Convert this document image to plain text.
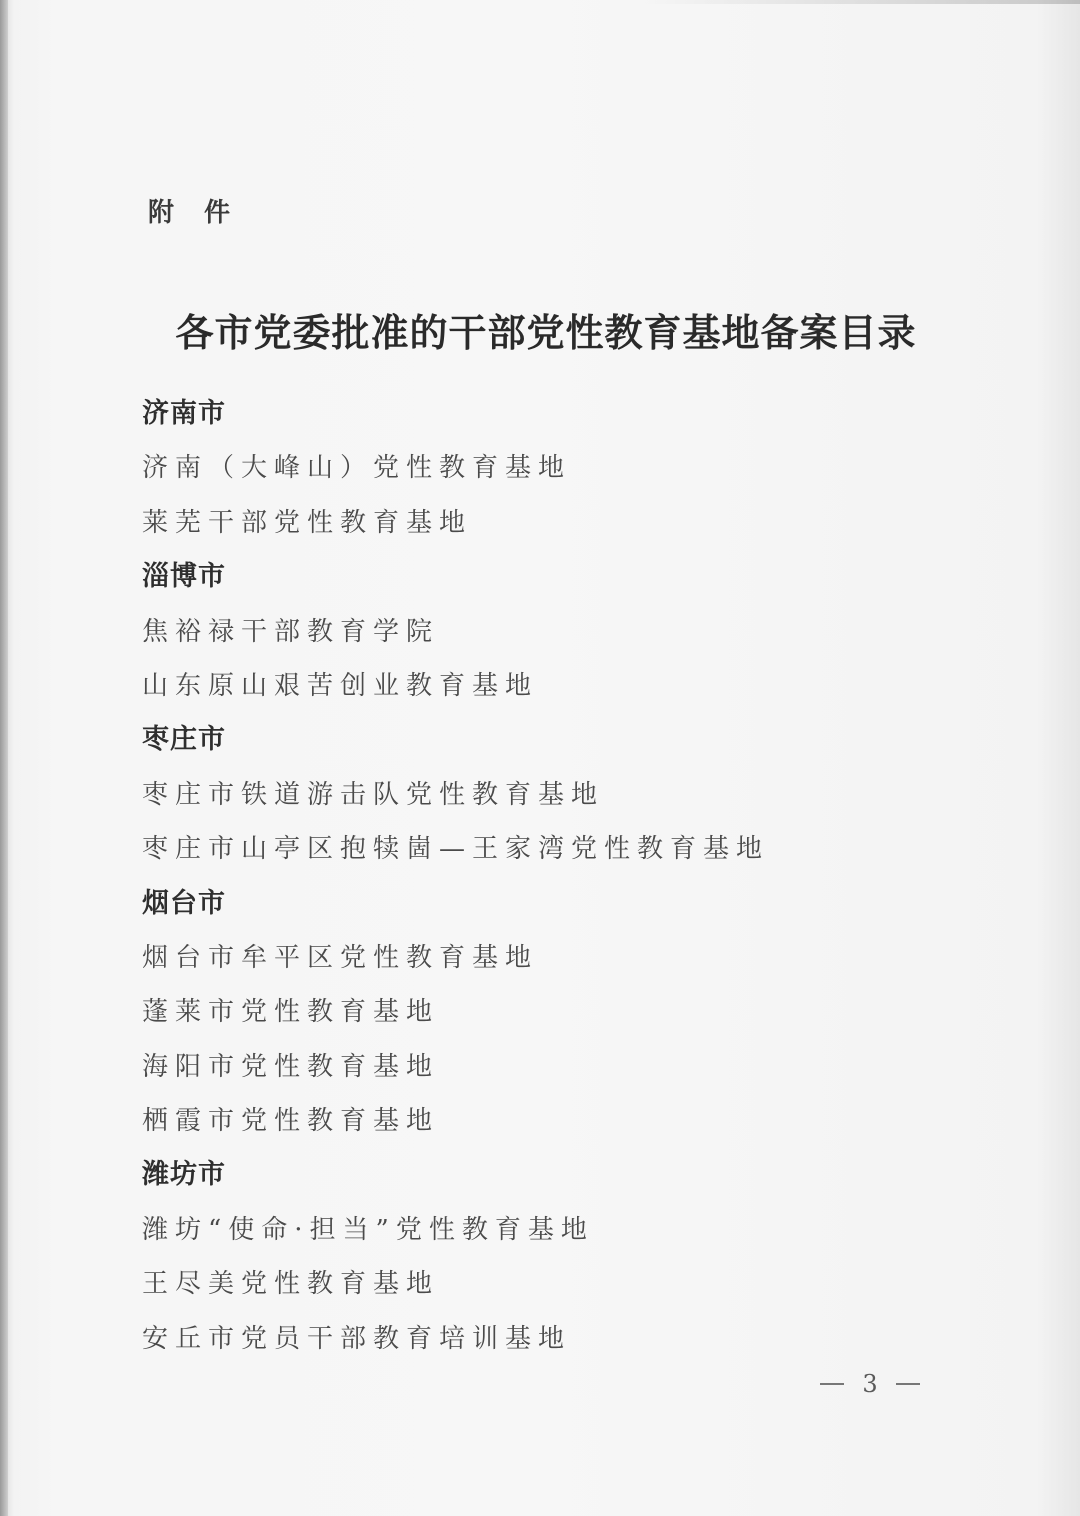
附件
各市党委批准的干部党性教育基地备案目录
济南市
济南（大峰山）党性教育基地
莱芜干部党性教育基地
淄博市
焦裕禄干部教育学院
山东原山艰苦创业教育基地
枣庄市
枣庄市铁道游击队党性教育基地
枣庄市山亭区抱犊崮—王家湾党性教育基地
烟台市
烟台市牟平区党性教育基地
蓬莱市党性教育基地
海阳市党性教育基地
栖霞市党性教育基地
潍坊市
潍坊“使命·担当”党性教育基地
王尽美党性教育基地
安丘市党员干部教育培训基地
3
